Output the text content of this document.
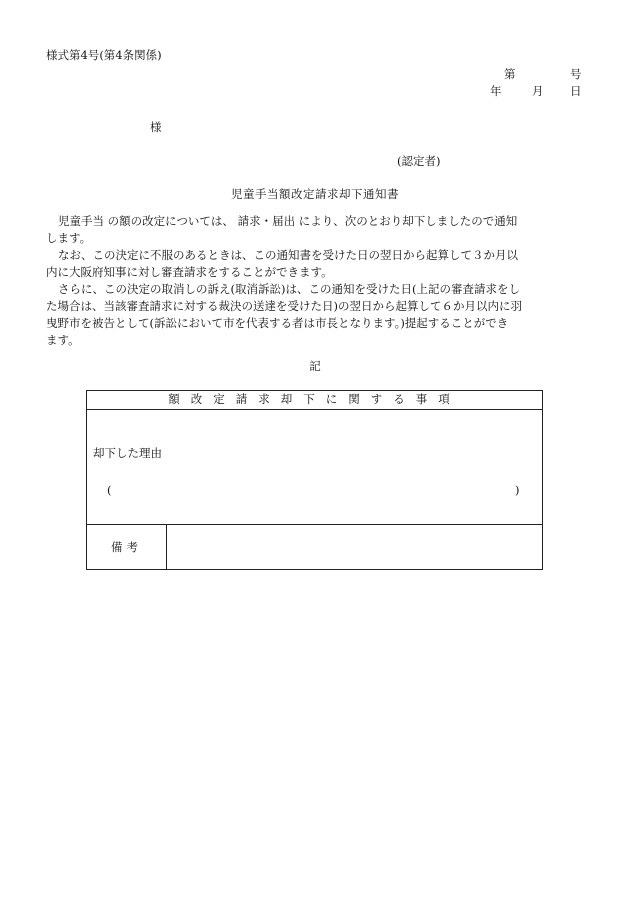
様式第4号(第4条関係)
第	号
年	月 日
様
(認定者)
児童手当額改定請求却下通知書
児童手当 の額の改定については、 請求・届出 により、次のとおり却下しましたので通知
します。
なお、この決定に不服のあるときは、この通知書を受けた日の翌日から起算して３か月以
内に大阪府知事に対し審査請求をすることができます。
さらに、この決定の取消しの訴え(取消訴訟)は、この通知を受けた日(上記の審査請求をし
た場合は、当該審査請求に対する裁決の送達を受けた日)の翌日から起算して６か月以内に羽
曳野市を被告として(訴訟において市を代表する者は市長となります。)提起することができ
ます。
記
額改定請求却下に関する事項
却下した理由
(	)
備考
